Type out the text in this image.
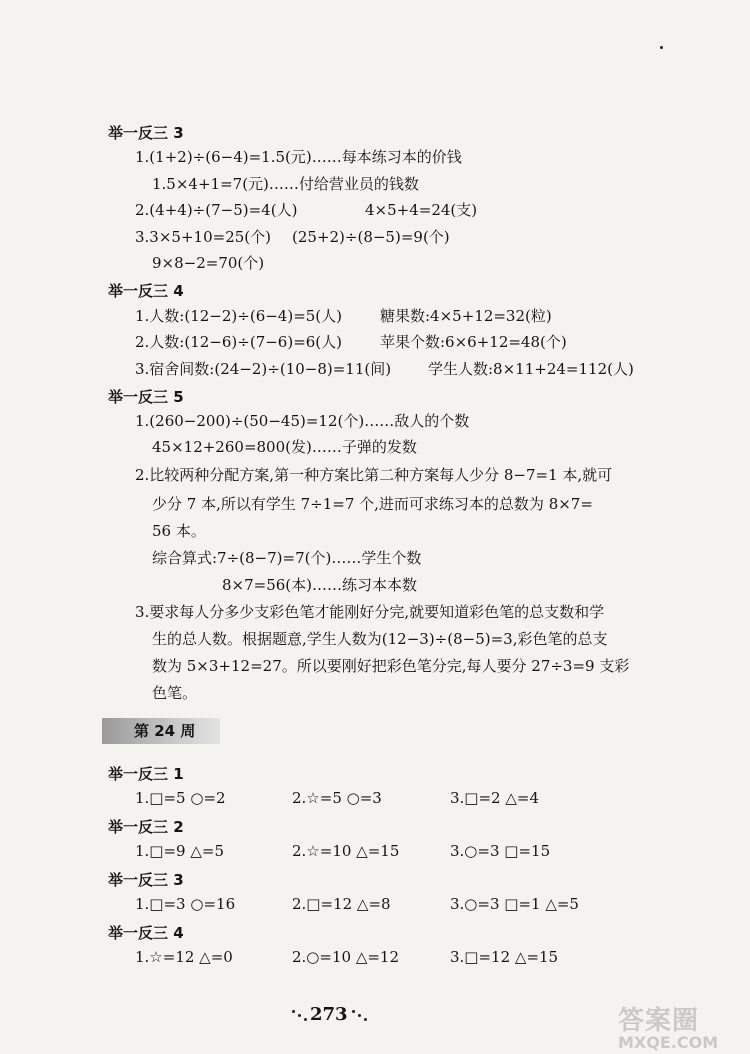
举一反三 3
1.(1+2)÷(6−4)=1.5(元)……每本练习本的价钱
1.5×4+1=7(元)……付给营业员的钱数
2.(4+4)÷(7−5)=4(人)	4×5+4=24(支)
3.3×5+10=25(个) (25+2)÷(8−5)=9(个)
9×8−2=70(个)
举一反三 4
1.人数:(12−2)÷(6−4)=5(人)	糖果数:4×5+12=32(粒)
2.人数:(12−6)÷(7−6)=6(人)	苹果个数:6×6+12=48(个)
3.宿舍间数:(24−2)÷(10−8)=11(间) 学生人数:8×11+24=112(人)
举一反三 5
1.(260−200)÷(50−45)=12(个)……敌人的个数
45×12+260=800(发)……子弹的发数
2.比较两种分配方案,第一种方案比第二种方案每人少分 8−7=1 本,就可
少分 7 本,所以有学生 7÷1=7 个,进而可求练习本的总数为 8×7=
56 本。
综合算式:7÷(8−7)=7(个)……学生个数
8×7=56(本)……练习本本数
3.要求每人分多少支彩色笔才能刚好分完,就要知道彩色笔的总支数和学
生的总人数。根据题意,学生人数为(12−3)÷(8−5)=3,彩色笔的总支
数为 5×3+12=27。所以要刚好把彩色笔分完,每人要分 27÷3=9 支彩
色笔。
第 24 周
举一反三 1
1.□=5 ○=2	2.☆=5 ○=3	3.□=2 △=4
举一反三 2
1.□=9 △=5	2.☆=10 △=15	3.○=3 □=15
举一反三 3
1.□=3 ○=16	2.□=12 △=8	3.○=3 □=1 △=5
举一反三 4
1.☆=12 △=0	2.○=10 △=12	3.□=12 △=15
273	答案圈
MXQE.COM
